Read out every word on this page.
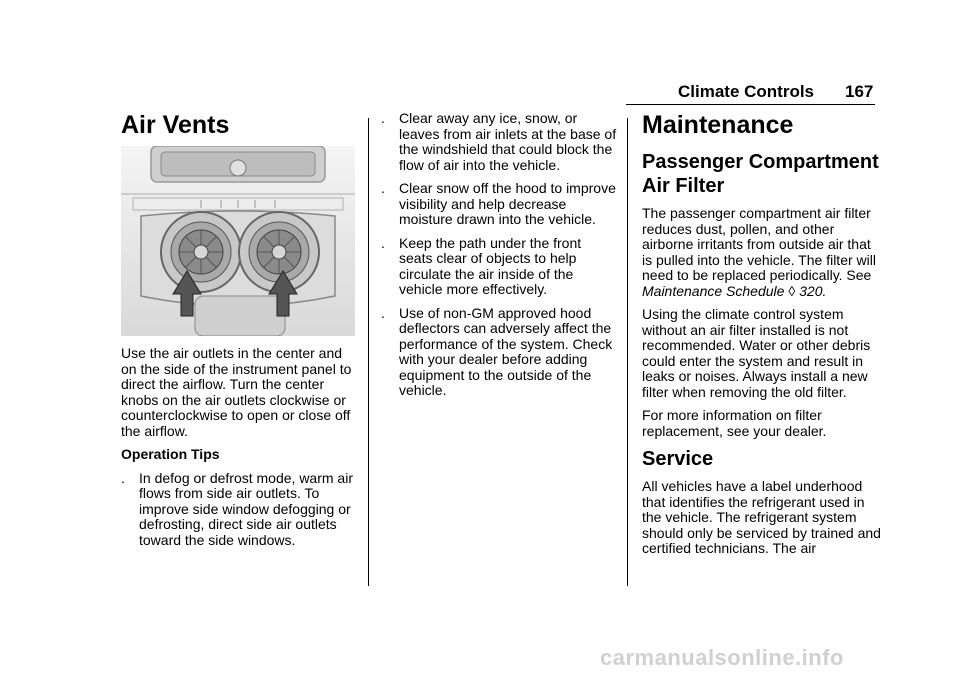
Climate Controls 167
Air Vents

Use the air outlets in the center and on the side of the instrument panel to direct the airflow. Turn the center knobs on the air outlets clockwise or counterclockwise to open or close off the airflow.

Operation Tips

. In defog or defrost mode, warm air flows from side air outlets. To improve side window defogging or defrosting, direct side air outlets toward the side windows.
. Clear away any ice, snow, or leaves from air inlets at the base of the windshield that could block the flow of air into the vehicle.
. Clear snow off the hood to improve visibility and help decrease moisture drawn into the vehicle.
. Keep the path under the front seats clear of objects to help circulate the air inside of the vehicle more effectively.
. Use of non-GM approved hood deflectors can adversely affect the performance of the system. Check with your dealer before adding equipment to the outside of the vehicle.
Maintenance
Passenger Compartment Air Filter

The passenger compartment air filter reduces dust, pollen, and other airborne irritants from outside air that is pulled into the vehicle. The filter will need to be replaced periodically. See Maintenance Schedule ◊ 320.

Using the climate control system without an air filter installed is not recommended. Water or other debris could enter the system and result in leaks or noises. Always install a new filter when removing the old filter.

For more information on filter replacement, see your dealer.

Service

All vehicles have a label underhood that identifies the refrigerant used in the vehicle. The refrigerant system should only be serviced by trained and certified technicians. The air

carmanualsonline.info
